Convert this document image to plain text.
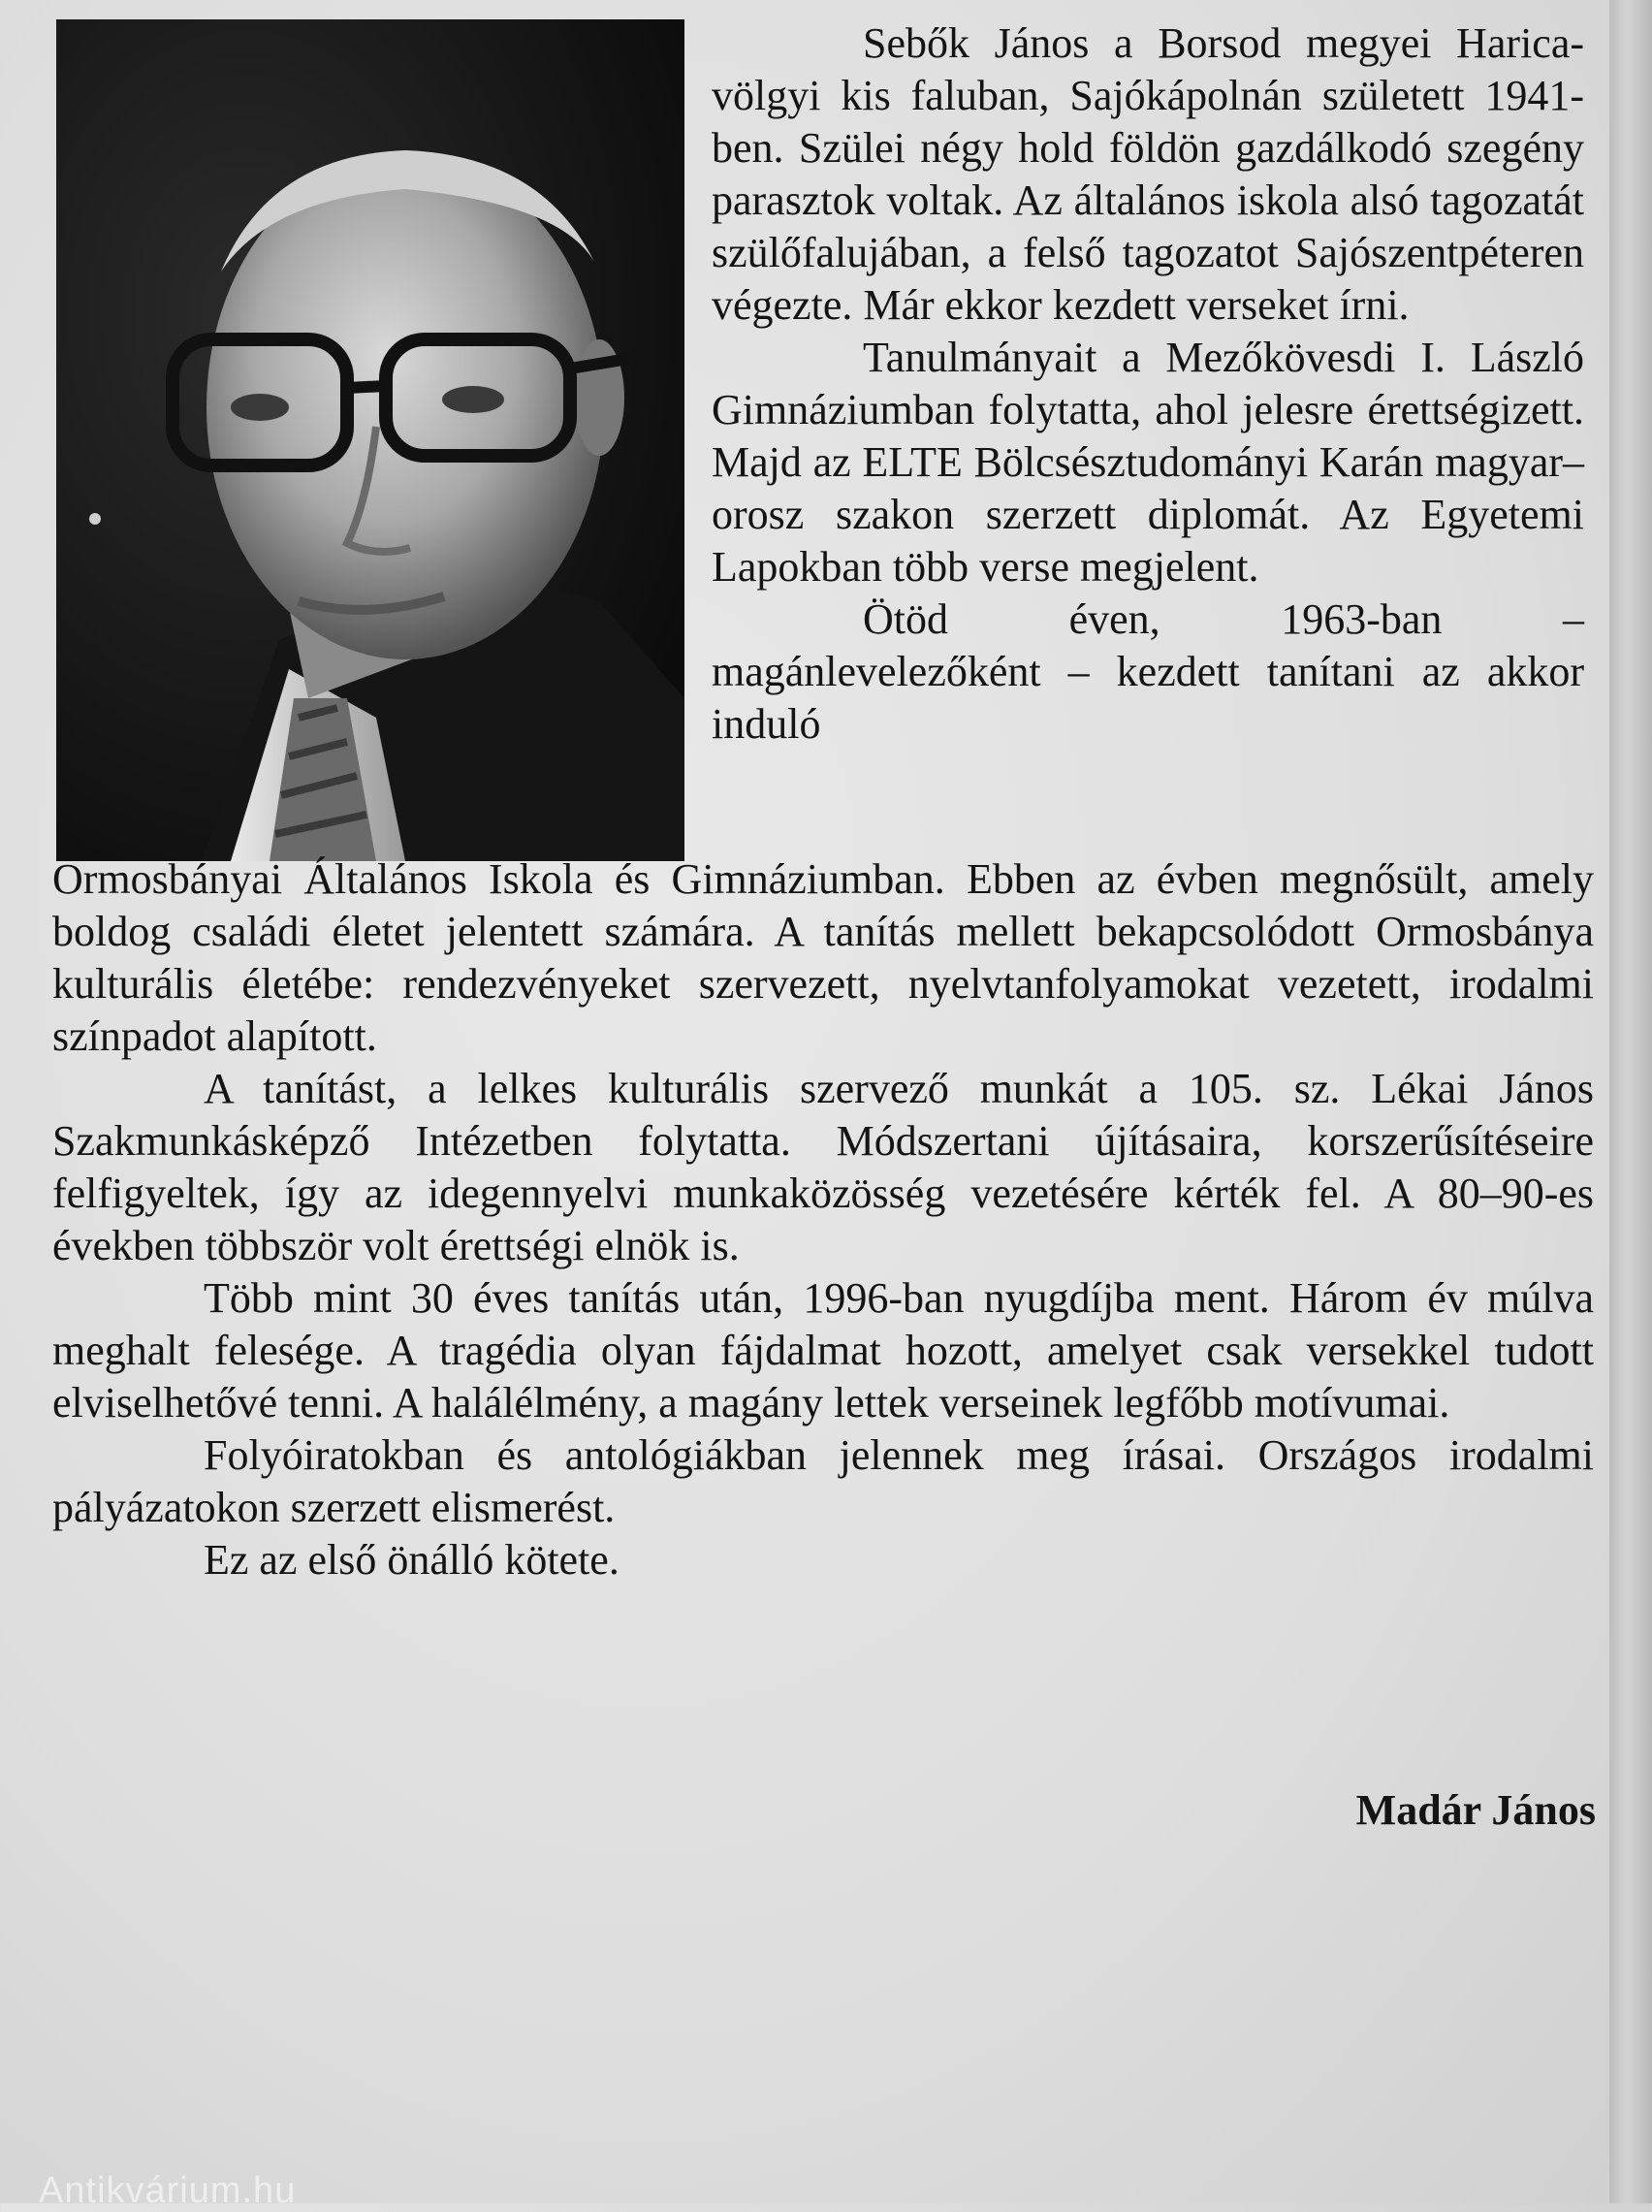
Sebők János a Borsod megyei Harica-völgyi kis faluban, Sajókápolnán született 1941-ben. Szülei négy hold földön gazdálkodó szegény parasztok voltak. Az általános iskola alsó tagozatát szülőfalujában, a felső tagozatot Sajószentpéteren végezte. Már ekkor kezdett verseket írni.

Tanulmányait a Mezőkövesdi I. László Gimnáziumban folytatta, ahol jelesre érettségizett. Majd az ELTE Bölcsésztudományi Karán magyar–orosz szakon szerzett diplomát. Az Egyetemi Lapokban több verse megjelent.

Ötöd éven, 1963-ban – magánlevelezőként – kezdett tanítani az akkor induló

Ormosbányai Általános Iskola és Gimnáziumban. Ebben az évben megnősült, amely boldog családi életet jelentett számára. A tanítás mellett bekapcsolódott Ormosbánya kulturális életébe: rendezvényeket szervezett, nyelvtanfolyamokat vezetett, irodalmi színpadot alapított.

A tanítást, a lelkes kulturális szervező munkát a 105. sz. Lékai János Szakmunkásképző Intézetben folytatta. Módszertani újításaira, korszerűsítéseire felfigyeltek, így az idegennyelvi munkaközösség vezetésére kérték fel. A 80–90-es években többször volt érettségi elnök is.

Több mint 30 éves tanítás után, 1996-ban nyugdíjba ment. Három év múlva meghalt felesége. A tragédia olyan fájdalmat hozott, amelyet csak versekkel tudott elviselhetővé tenni. A halálélmény, a magány lettek verseinek legfőbb motívumai.

Folyóiratokban és antológiákban jelennek meg írásai. Országos irodalmi pályázatokon szerzett elismerést.

Ez az első önálló kötete.

Madár János

Antikvárium.hu
